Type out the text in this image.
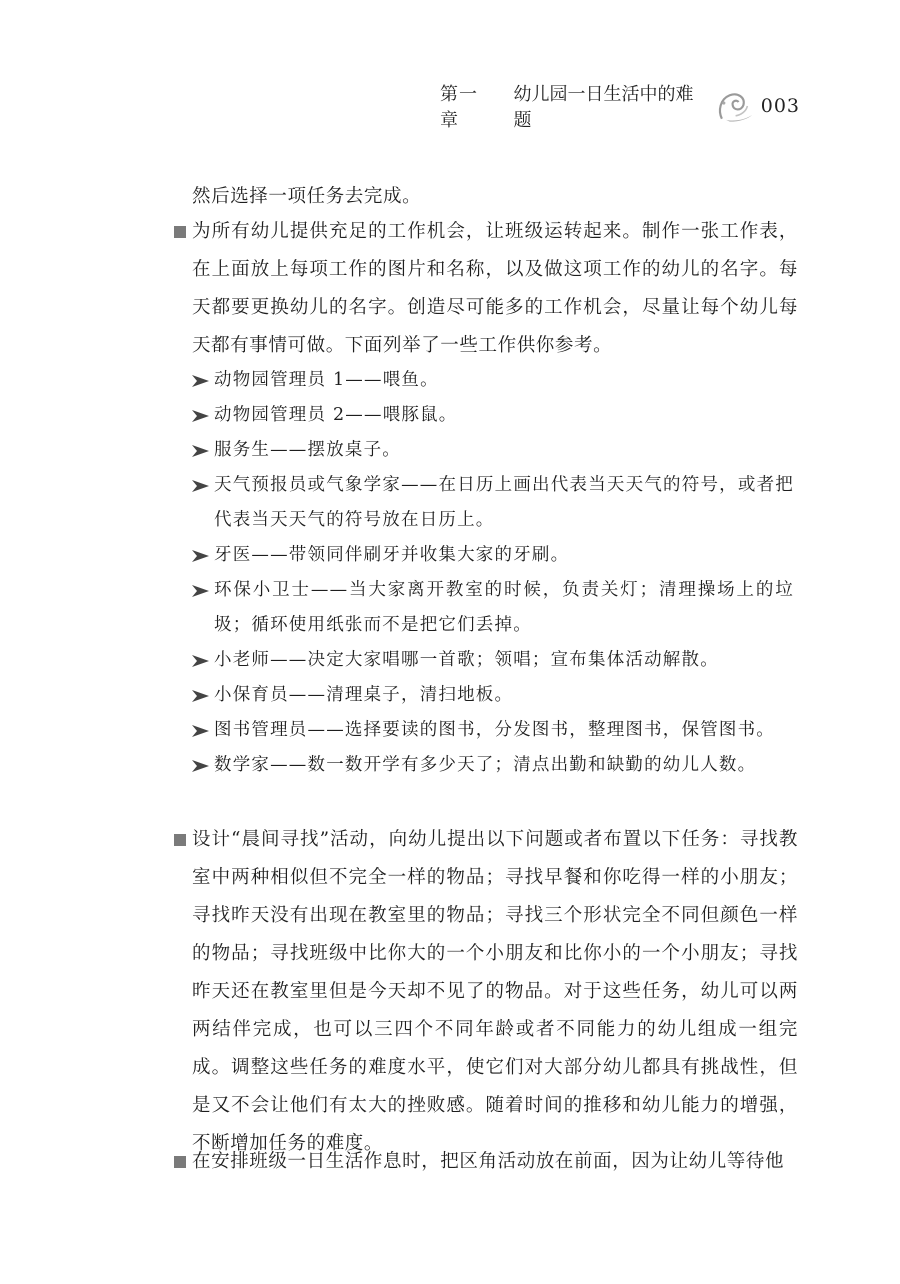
第一章
幼儿园一日生活中的难题
003
然后选择一项任务去完成。
为所有幼儿提供充足的工作机会，让班级运转起来。制作一张工作表，在上面放上每项工作的图片和名称，以及做这项工作的幼儿的名字。每天都要更换幼儿的名字。创造尽可能多的工作机会，尽量让每个幼儿每天都有事情可做。下面列举了一些工作供你参考。
动物园管理员 1——喂鱼。
动物园管理员 2——喂豚鼠。
服务生——摆放桌子。
天气预报员或气象学家——在日历上画出代表当天天气的符号，或者把代表当天天气的符号放在日历上。
牙医——带领同伴刷牙并收集大家的牙刷。
环保小卫士——当大家离开教室的时候，负责关灯；清理操场上的垃圾；循环使用纸张而不是把它们丢掉。
小老师——决定大家唱哪一首歌；领唱；宣布集体活动解散。
小保育员——清理桌子，清扫地板。
图书管理员——选择要读的图书，分发图书，整理图书，保管图书。
数学家——数一数开学有多少天了；清点出勤和缺勤的幼儿人数。
设计“晨间寻找”活动，向幼儿提出以下问题或者布置以下任务：寻找教室中两种相似但不完全一样的物品；寻找早餐和你吃得一样的小朋友；寻找昨天没有出现在教室里的物品；寻找三个形状完全不同但颜色一样的物品；寻找班级中比你大的一个小朋友和比你小的一个小朋友；寻找昨天还在教室里但是今天却不见了的物品。对于这些任务，幼儿可以两两结伴完成，也可以三四个不同年龄或者不同能力的幼儿组成一组完成。调整这些任务的难度水平，使它们对大部分幼儿都具有挑战性，但是又不会让他们有太大的挫败感。随着时间的推移和幼儿能力的增强，不断增加任务的难度。
在安排班级一日生活作息时，把区角活动放在前面，因为让幼儿等待他
